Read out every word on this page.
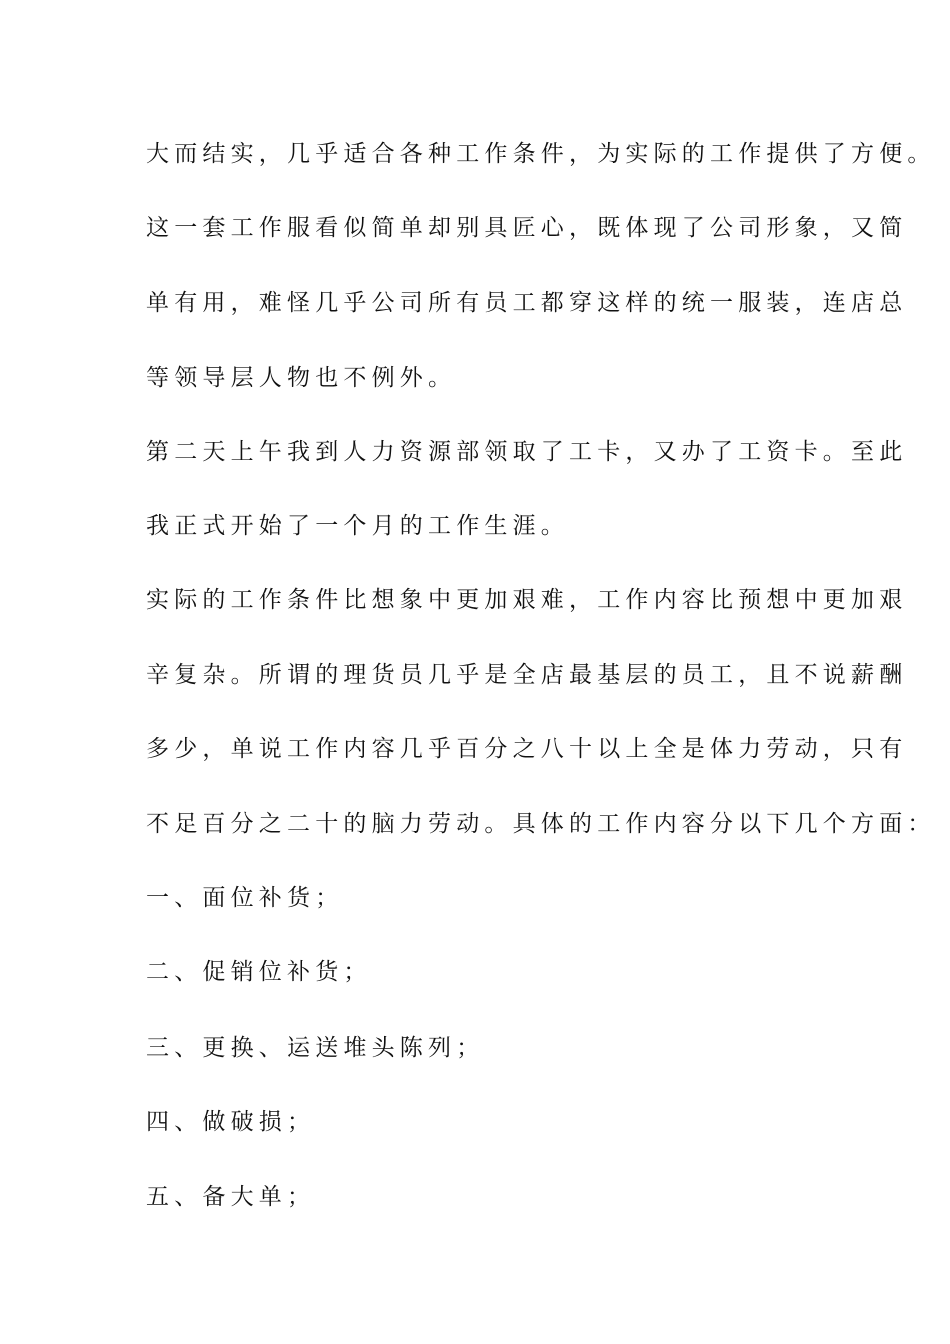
大而结实，几乎适合各种工作条件，为实际的工作提供了方便。
这一套工作服看似简单却别具匠心，既体现了公司形象，又简
单有用，难怪几乎公司所有员工都穿这样的统一服装，连店总
等领导层人物也不例外。
第二天上午我到人力资源部领取了工卡，又办了工资卡。至此
我正式开始了一个月的工作生涯。
实际的工作条件比想象中更加艰难，工作内容比预想中更加艰
辛复杂。所谓的理货员几乎是全店最基层的员工，且不说薪酬
多少，单说工作内容几乎百分之八十以上全是体力劳动，只有
不足百分之二十的脑力劳动。具体的工作内容分以下几个方面：
一、面位补货；
二、促销位补货；
三、更换、运送堆头陈列；
四、做破损；
五、备大单；
